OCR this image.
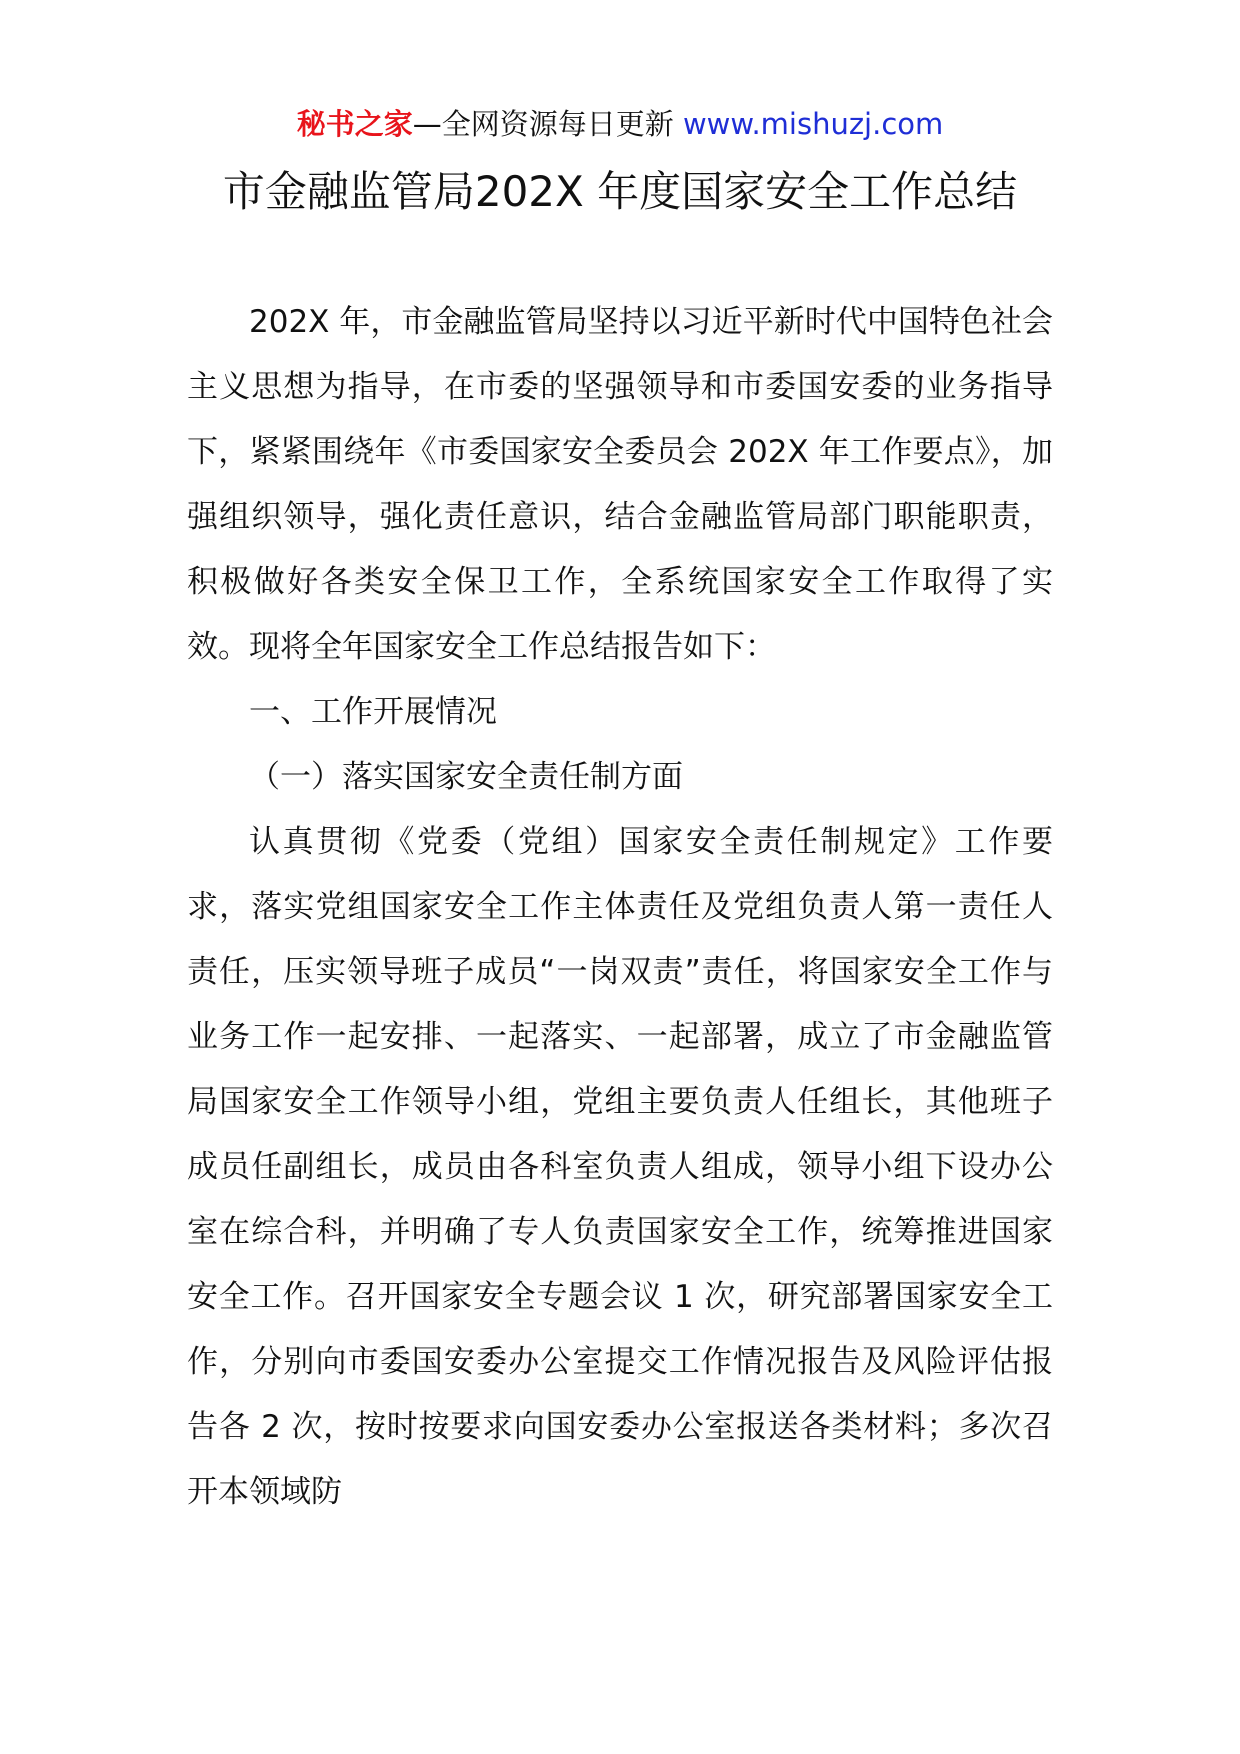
秘书之家—全网资源每日更新 www.mishuzj.com
市金融监管局202X 年度国家安全工作总结

202X 年，市金融监管局坚持以习近平新时代中国特色社会主义思想为指导，在市委的坚强领导和市委国安委的业务指导下，紧紧围绕年《市委国家安全委员会 202X 年工作要点》，加强组织领导，强化责任意识，结合金融监管局部门职能职责，积极做好各类安全保卫工作，全系统国家安全工作取得了实效。现将全年国家安全工作总结报告如下：

一、工作开展情况

（一）落实国家安全责任制方面

认真贯彻《党委（党组）国家安全责任制规定》工作要求，落实党组国家安全工作主体责任及党组负责人第一责任人责任，压实领导班子成员“一岗双责”责任，将国家安全工作与业务工作一起安排、一起落实、一起部署，成立了市金融监管局国家安全工作领导小组，党组主要负责人任组长，其他班子成员任副组长，成员由各科室负责人组成，领导小组下设办公室在综合科，并明确了专人负责国家安全工作，统筹推进国家安全工作。召开国家安全专题会议 1 次，研究部署国家安全工作，分别向市委国安委办公室提交工作情况报告及风险评估报告各 2 次，按时按要求向国安委办公室报送各类材料；多次召开本领域防
